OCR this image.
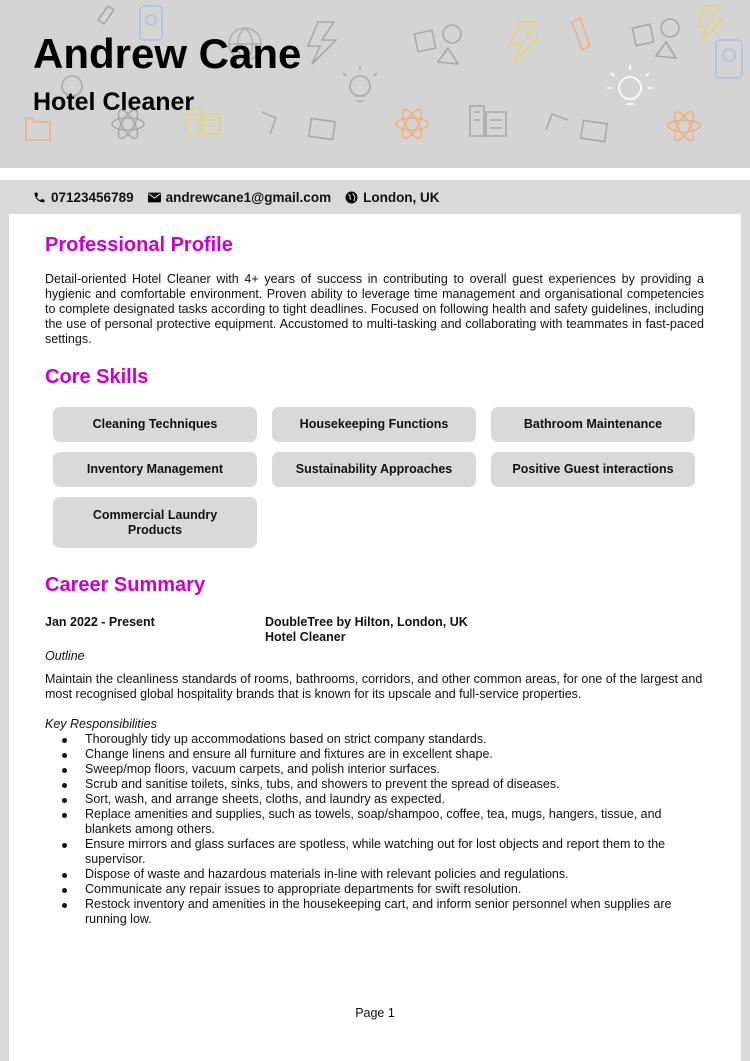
Andrew Cane
Hotel Cleaner
07123456789 andrewcane1@gmail.com London, UK
Professional Profile

Detail-oriented Hotel Cleaner with 4+ years of success in contributing to overall guest experiences by providing a hygienic and comfortable environment. Proven ability to leverage time management and organisational competencies to complete designated tasks according to tight deadlines. Focused on following health and safety guidelines, including the use of personal protective equipment. Accustomed to multi-tasking and collaborating with teammates in fast-paced settings.

Core Skills
Cleaning Techniques	Housekeeping Functions	Bathroom Maintenance
Inventory Management	Sustainability Approaches	Positive Guest interactions
Commercial Laundry Products
Career Summary

Jan 2022 - Present	DoubleTree by Hilton, London, UK

Hotel Cleaner

Outline

Maintain the cleanliness standards of rooms, bathrooms, corridors, and other common areas, for one of the largest and most recognised global hospitality brands that is known for its upscale and full-service properties.

Key Responsibilities

Thoroughly tidy up accommodations based on strict company standards.
Change linens and ensure all furniture and fixtures are in excellent shape.
Sweep/mop floors, vacuum carpets, and polish interior surfaces.
Scrub and sanitise toilets, sinks, tubs, and showers to prevent the spread of diseases.
Sort, wash, and arrange sheets, cloths, and laundry as expected.
Replace amenities and supplies, such as towels, soap/shampoo, coffee, tea, mugs, hangers, tissue, and blankets among others.
Ensure mirrors and glass surfaces are spotless, while watching out for lost objects and report them to the supervisor.
Dispose of waste and hazardous materials in-line with relevant policies and regulations.
Communicate any repair issues to appropriate departments for swift resolution.
Restock inventory and amenities in the housekeeping cart, and inform senior personnel when supplies are running low.

Page 1
